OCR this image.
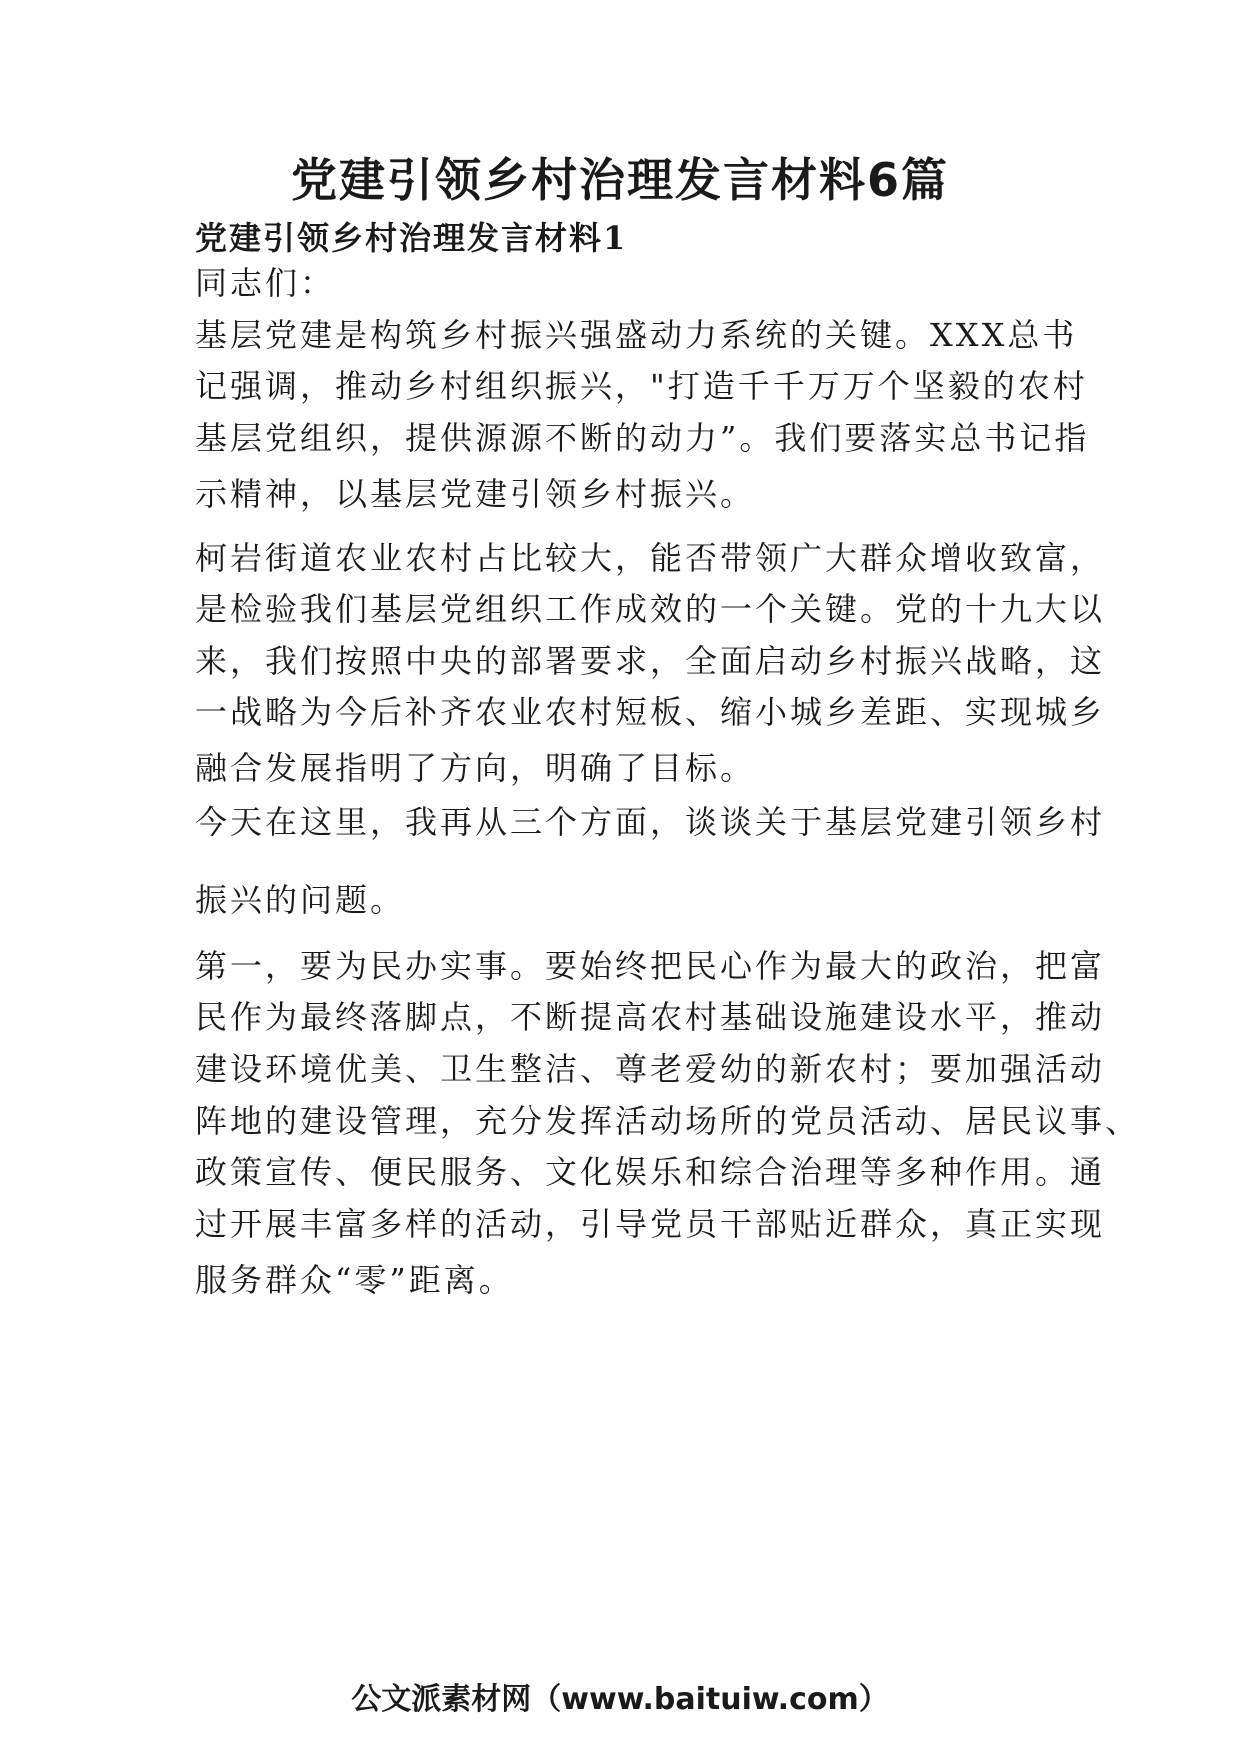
党建引领乡村治理发言材料6篇
党建引领乡村治理发言材料1

同志们：

基层党建是构筑乡村振兴强盛动力系统的关键。XXX总书

记强调，推动乡村组织振兴，"打造千千万万个坚毅的农村

基层党组织，提供源源不断的动力”。我们要落实总书记指

示精神，以基层党建引领乡村振兴。

柯岩街道农业农村占比较大，能否带领广大群众增收致富，

是检验我们基层党组织工作成效的一个关键。党的十九大以

来，我们按照中央的部署要求，全面启动乡村振兴战略，这

一战略为今后补齐农业农村短板、缩小城乡差距、实现城乡

融合发展指明了方向，明确了目标。

今天在这里，我再从三个方面，谈谈关于基层党建引领乡村

振兴的问题。

第一，要为民办实事。要始终把民心作为最大的政治，把富

民作为最终落脚点，不断提高农村基础设施建设水平，推动

建设环境优美、卫生整洁、尊老爱幼的新农村；要加强活动

阵地的建设管理，充分发挥活动场所的党员活动、居民议事、

政策宣传、便民服务、文化娱乐和综合治理等多种作用。通

过开展丰富多样的活动，引导党员干部贴近群众，真正实现

服务群众“零”距离。

公文派素材网（www.baituiw.com）
